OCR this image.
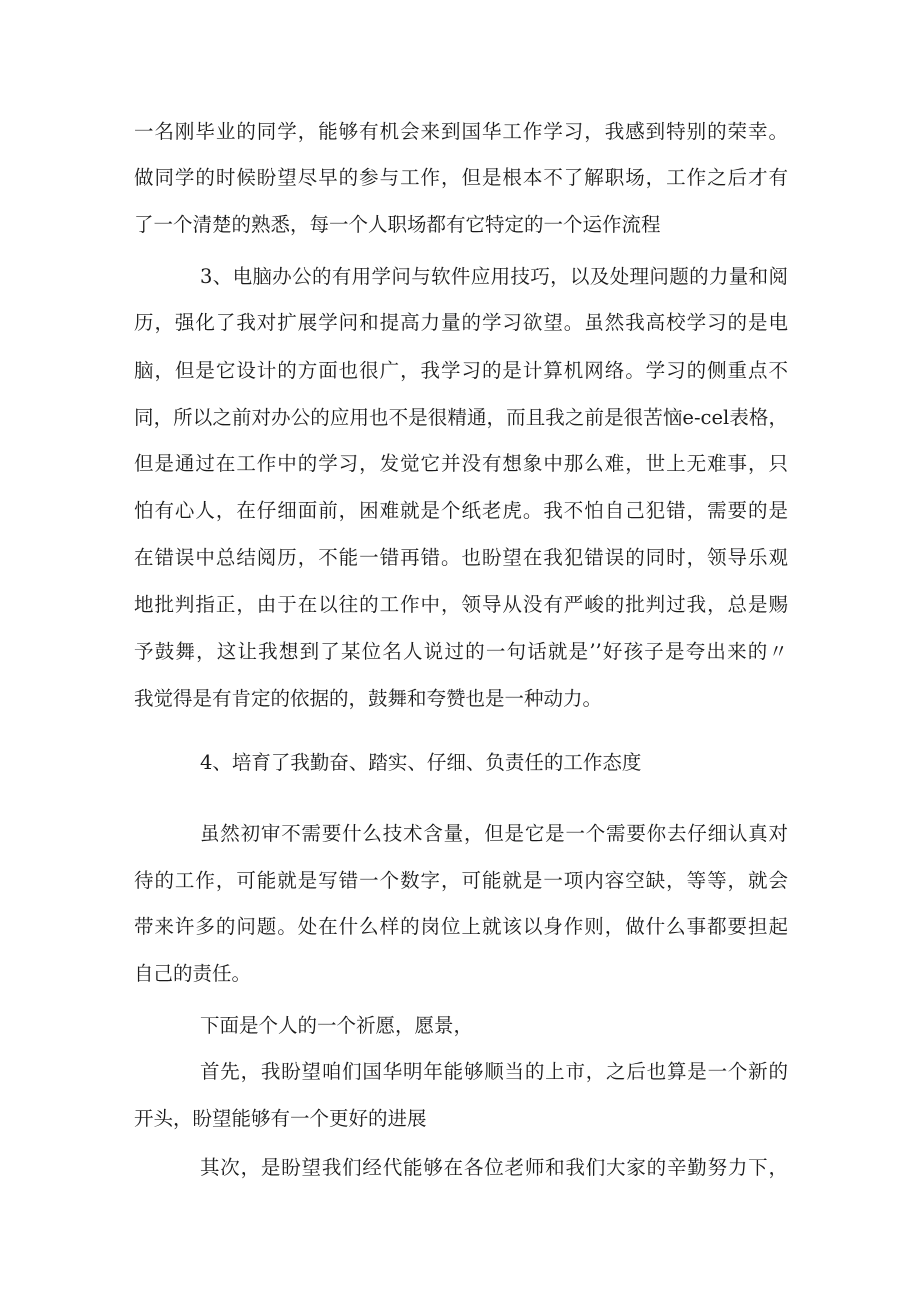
一名刚毕业的同学，能够有机会来到国华工作学习，我感到特别的荣幸。
做同学的时候盼望尽早的参与工作，但是根本不了解职场，工作之后才有
了一个清楚的熟悉，每一个人职场都有它特定的一个运作流程
3、电脑办公的有用学问与软件应用技巧，以及处理问题的力量和阅
历，强化了我对扩展学问和提高力量的学习欲望。虽然我高校学习的是电
脑，但是它设计的方面也很广，我学习的是计算机网络。学习的侧重点不
同，所以之前对办公的应用也不是很精通，而且我之前是很苦恼e-cel表格，
但是通过在工作中的学习，发觉它并没有想象中那么难，世上无难事，只
怕有心人，在仔细面前，困难就是个纸老虎。我不怕自己犯错，需要的是
在错误中总结阅历，不能一错再错。也盼望在我犯错误的同时，领导乐观
地批判指正，由于在以往的工作中，领导从没有严峻的批判过我，总是赐
予鼓舞，这让我想到了某位名人说过的一句话就是’’好孩子是夸出来的〃
我觉得是有肯定的依据的，鼓舞和夸赞也是一种动力。
4、培育了我勤奋、踏实、仔细、负责任的工作态度
虽然初审不需要什么技术含量，但是它是一个需要你去仔细认真对
待的工作，可能就是写错一个数字，可能就是一项内容空缺，等等，就会
带来许多的问题。处在什么样的岗位上就该以身作则，做什么事都要担起
自己的责任。
下面是个人的一个祈愿，愿景，
首先，我盼望咱们国华明年能够顺当的上市，之后也算是一个新的
开头，盼望能够有一个更好的进展
其次，是盼望我们经代能够在各位老师和我们大家的辛勤努力下，
